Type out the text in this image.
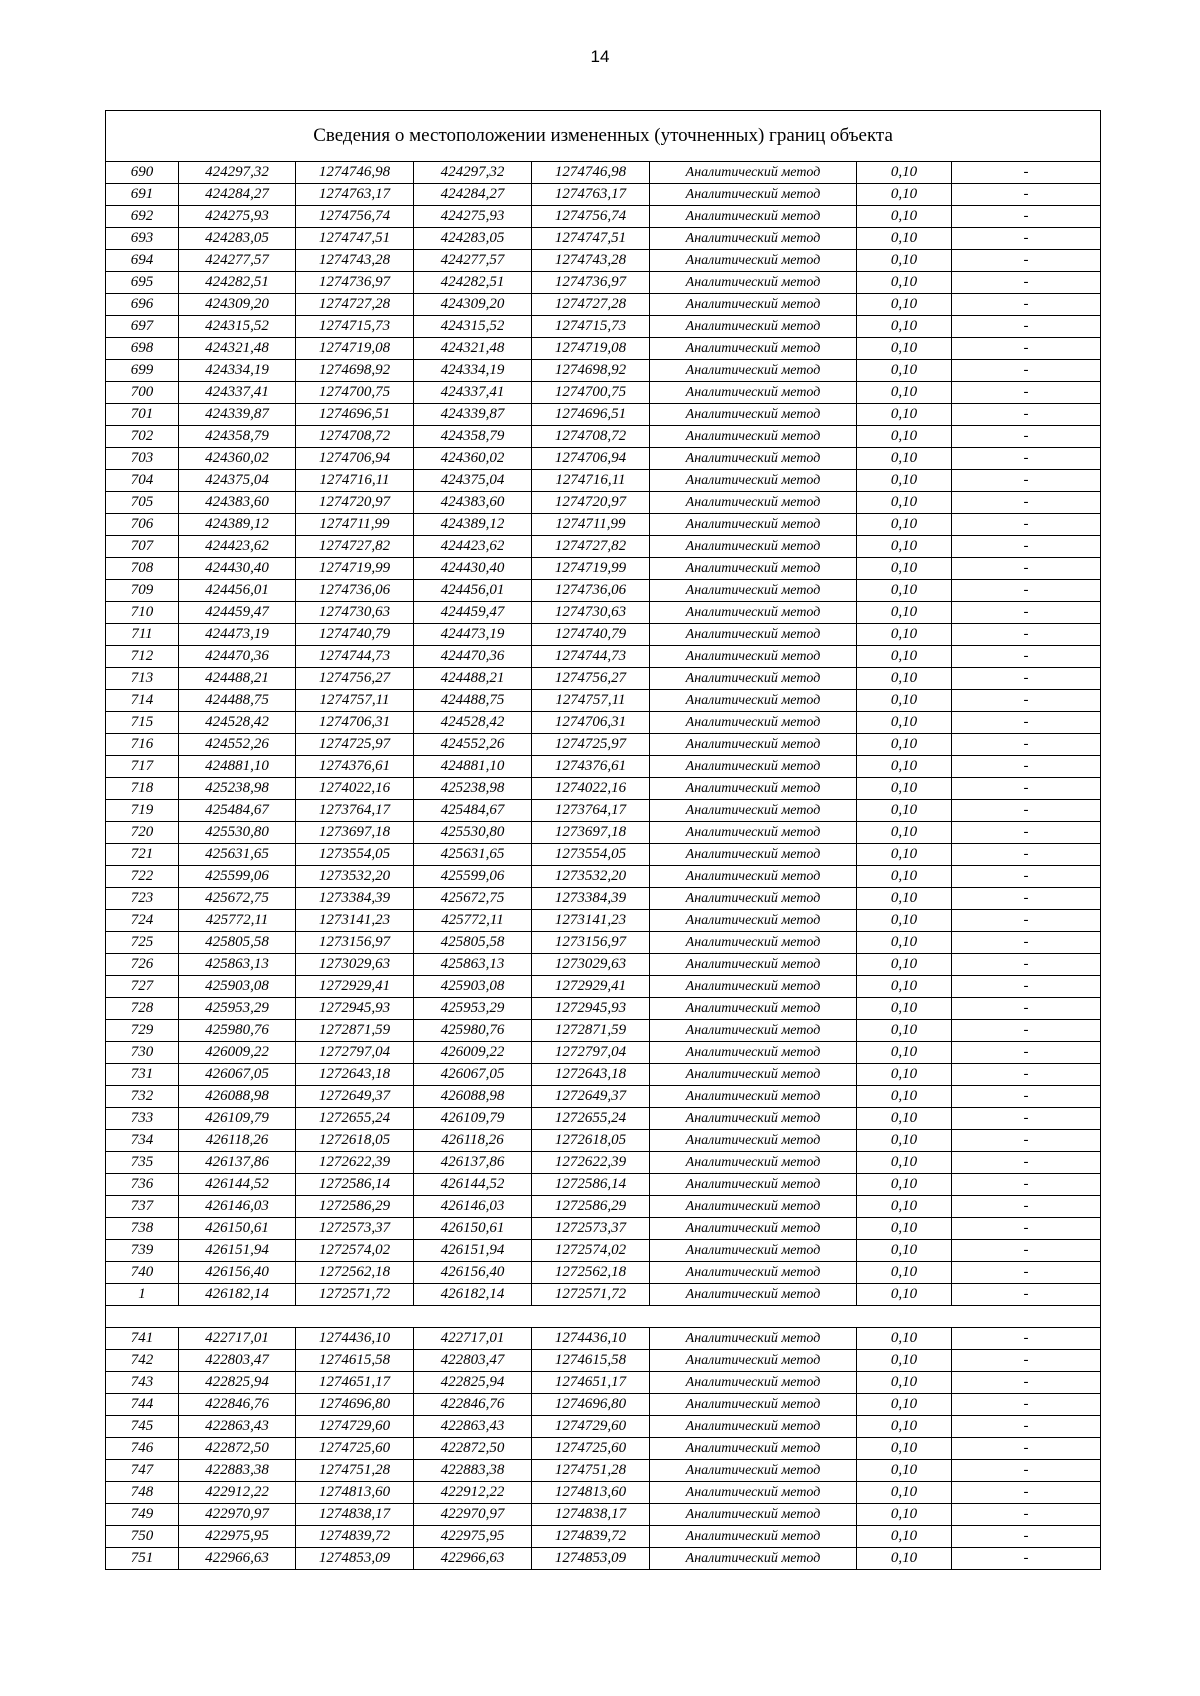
14
Сведения о местоположении измененных (уточненных) границ объекта							
690	424297,32	1274746,98	424297,32	1274746,98	Аналитический метод	0,10	-
691	424284,27	1274763,17	424284,27	1274763,17	Аналитический метод	0,10	-
692	424275,93	1274756,74	424275,93	1274756,74	Аналитический метод	0,10	-
693	424283,05	1274747,51	424283,05	1274747,51	Аналитический метод	0,10	-
694	424277,57	1274743,28	424277,57	1274743,28	Аналитический метод	0,10	-
695	424282,51	1274736,97	424282,51	1274736,97	Аналитический метод	0,10	-
696	424309,20	1274727,28	424309,20	1274727,28	Аналитический метод	0,10	-
697	424315,52	1274715,73	424315,52	1274715,73	Аналитический метод	0,10	-
698	424321,48	1274719,08	424321,48	1274719,08	Аналитический метод	0,10	-
699	424334,19	1274698,92	424334,19	1274698,92	Аналитический метод	0,10	-
700	424337,41	1274700,75	424337,41	1274700,75	Аналитический метод	0,10	-
701	424339,87	1274696,51	424339,87	1274696,51	Аналитический метод	0,10	-
702	424358,79	1274708,72	424358,79	1274708,72	Аналитический метод	0,10	-
703	424360,02	1274706,94	424360,02	1274706,94	Аналитический метод	0,10	-
704	424375,04	1274716,11	424375,04	1274716,11	Аналитический метод	0,10	-
705	424383,60	1274720,97	424383,60	1274720,97	Аналитический метод	0,10	-
706	424389,12	1274711,99	424389,12	1274711,99	Аналитический метод	0,10	-
707	424423,62	1274727,82	424423,62	1274727,82	Аналитический метод	0,10	-
708	424430,40	1274719,99	424430,40	1274719,99	Аналитический метод	0,10	-
709	424456,01	1274736,06	424456,01	1274736,06	Аналитический метод	0,10	-
710	424459,47	1274730,63	424459,47	1274730,63	Аналитический метод	0,10	-
711	424473,19	1274740,79	424473,19	1274740,79	Аналитический метод	0,10	-
712	424470,36	1274744,73	424470,36	1274744,73	Аналитический метод	0,10	-
713	424488,21	1274756,27	424488,21	1274756,27	Аналитический метод	0,10	-
714	424488,75	1274757,11	424488,75	1274757,11	Аналитический метод	0,10	-
715	424528,42	1274706,31	424528,42	1274706,31	Аналитический метод	0,10	-
716	424552,26	1274725,97	424552,26	1274725,97	Аналитический метод	0,10	-
717	424881,10	1274376,61	424881,10	1274376,61	Аналитический метод	0,10	-
718	425238,98	1274022,16	425238,98	1274022,16	Аналитический метод	0,10	-
719	425484,67	1273764,17	425484,67	1273764,17	Аналитический метод	0,10	-
720	425530,80	1273697,18	425530,80	1273697,18	Аналитический метод	0,10	-
721	425631,65	1273554,05	425631,65	1273554,05	Аналитический метод	0,10	-
722	425599,06	1273532,20	425599,06	1273532,20	Аналитический метод	0,10	-
723	425672,75	1273384,39	425672,75	1273384,39	Аналитический метод	0,10	-
724	425772,11	1273141,23	425772,11	1273141,23	Аналитический метод	0,10	-
725	425805,58	1273156,97	425805,58	1273156,97	Аналитический метод	0,10	-
726	425863,13	1273029,63	425863,13	1273029,63	Аналитический метод	0,10	-
727	425903,08	1272929,41	425903,08	1272929,41	Аналитический метод	0,10	-
728	425953,29	1272945,93	425953,29	1272945,93	Аналитический метод	0,10	-
729	425980,76	1272871,59	425980,76	1272871,59	Аналитический метод	0,10	-
730	426009,22	1272797,04	426009,22	1272797,04	Аналитический метод	0,10	-
731	426067,05	1272643,18	426067,05	1272643,18	Аналитический метод	0,10	-
732	426088,98	1272649,37	426088,98	1272649,37	Аналитический метод	0,10	-
733	426109,79	1272655,24	426109,79	1272655,24	Аналитический метод	0,10	-
734	426118,26	1272618,05	426118,26	1272618,05	Аналитический метод	0,10	-
735	426137,86	1272622,39	426137,86	1272622,39	Аналитический метод	0,10	-
736	426144,52	1272586,14	426144,52	1272586,14	Аналитический метод	0,10	-
737	426146,03	1272586,29	426146,03	1272586,29	Аналитический метод	0,10	-
738	426150,61	1272573,37	426150,61	1272573,37	Аналитический метод	0,10	-
739	426151,94	1272574,02	426151,94	1272574,02	Аналитический метод	0,10	-
740	426156,40	1272562,18	426156,40	1272562,18	Аналитический метод	0,10	-
1	426182,14	1272571,72	426182,14	1272571,72	Аналитический метод	0,10	-

741	422717,01	1274436,10	422717,01	1274436,10	Аналитический метод	0,10	-
742	422803,47	1274615,58	422803,47	1274615,58	Аналитический метод	0,10	-
743	422825,94	1274651,17	422825,94	1274651,17	Аналитический метод	0,10	-
744	422846,76	1274696,80	422846,76	1274696,80	Аналитический метод	0,10	-
745	422863,43	1274729,60	422863,43	1274729,60	Аналитический метод	0,10	-
746	422872,50	1274725,60	422872,50	1274725,60	Аналитический метод	0,10	-
747	422883,38	1274751,28	422883,38	1274751,28	Аналитический метод	0,10	-
748	422912,22	1274813,60	422912,22	1274813,60	Аналитический метод	0,10	-
749	422970,97	1274838,17	422970,97	1274838,17	Аналитический метод	0,10	-
750	422975,95	1274839,72	422975,95	1274839,72	Аналитический метод	0,10	-
751	422966,63	1274853,09	422966,63	1274853,09	Аналитический метод	0,10	-
